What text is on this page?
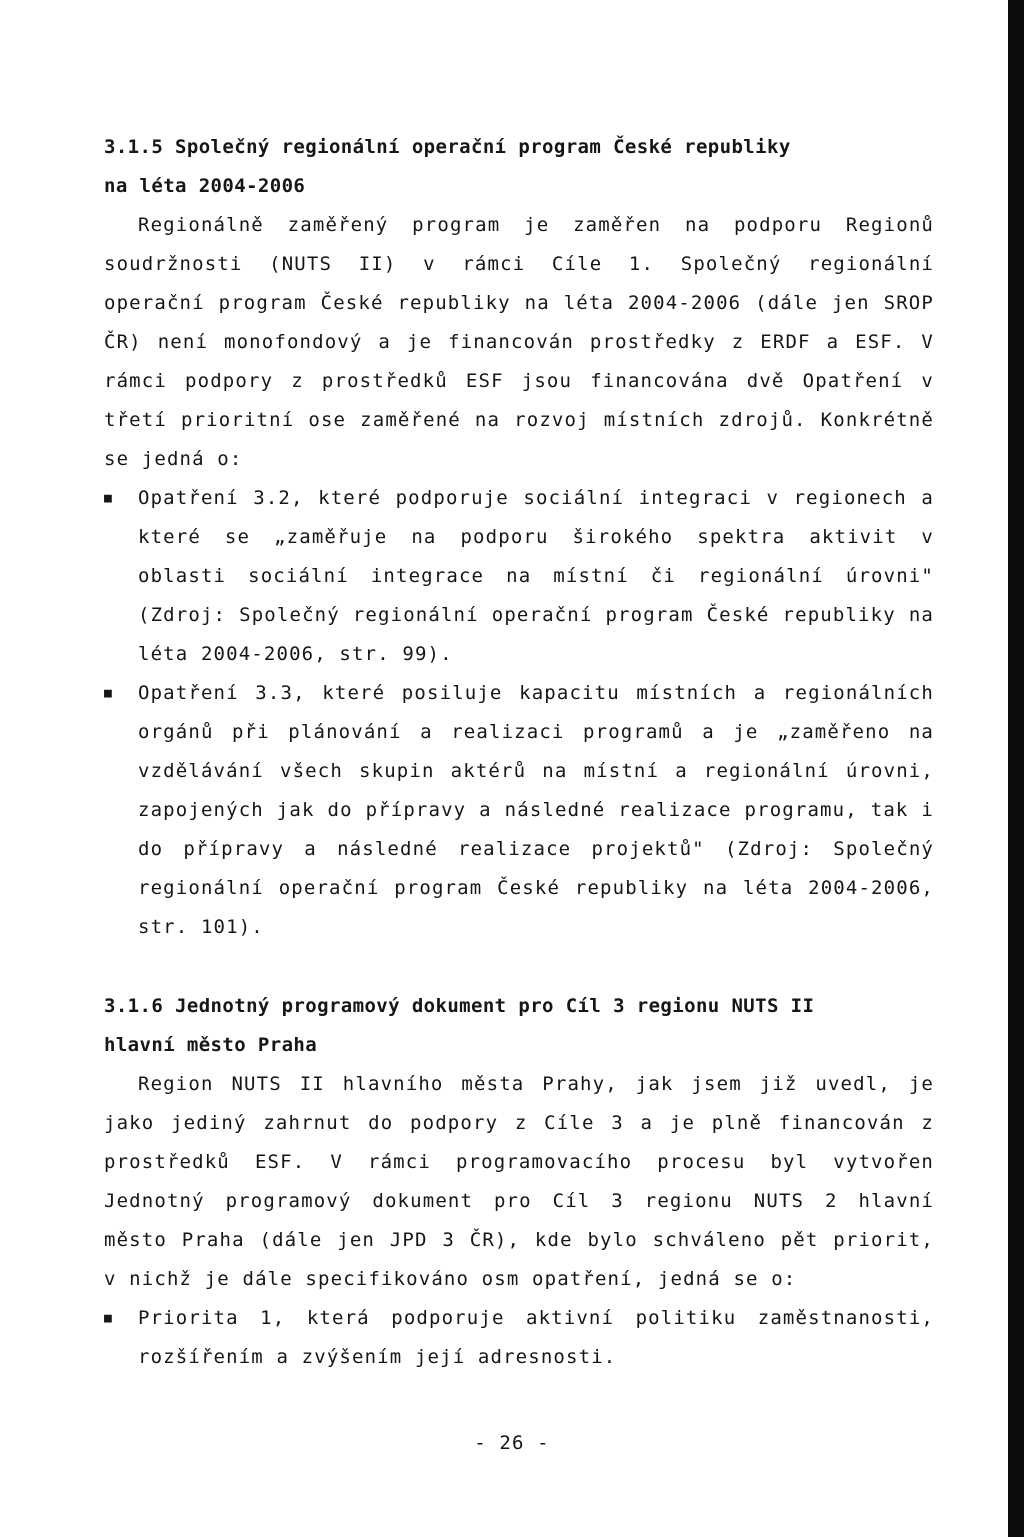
3.1.5 Společný regionální operační program České republiky
na léta 2004-2006

Regionálně zaměřený program je zaměřen na podporu Regionů soudržnosti (NUTS II) v rámci Cíle 1. Společný regionální operační program České republiky na léta 2004-2006 (dále jen SROP ČR) není monofondový a je financován prostředky z ERDF a ESF. V rámci podpory z prostředků ESF jsou financována dvě Opatření v třetí prioritní ose zaměřené na rozvoj místních zdrojů. Konkrétně se jedná o:

■ Opatření 3.2, které podporuje sociální integraci v regionech a které se „zaměřuje na podporu širokého spektra aktivit v oblasti sociální integrace na místní či regionální úrovni" (Zdroj: Společný regionální operační program České republiky na léta 2004-2006, str. 99).
■ Opatření 3.3, které posiluje kapacitu místních a regionálních orgánů při plánování a realizaci programů a je „zaměřeno na vzdělávání všech skupin aktérů na místní a regionální úrovni, zapojených jak do přípravy a následné realizace programu, tak i do přípravy a následné realizace projektů" (Zdroj: Společný regionální operační program České republiky na léta 2004-2006, str. 101).
3.1.6 Jednotný programový dokument pro Cíl 3 regionu NUTS II
hlavní město Praha

Region NUTS II hlavního města Prahy, jak jsem již uvedl, je jako jediný zahrnut do podpory z Cíle 3 a je plně financován z prostředků ESF. V rámci programovacího procesu byl vytvořen Jednotný programový dokument pro Cíl 3 regionu NUTS 2 hlavní město Praha (dále jen JPD 3 ČR), kde bylo schváleno pět priorit, v nichž je dále specifikováno osm opatření, jedná se o:

■ Priorita 1, která podporuje aktivní politiku zaměstnanosti, rozšířením a zvýšením její adresnosti.
- 26 -
